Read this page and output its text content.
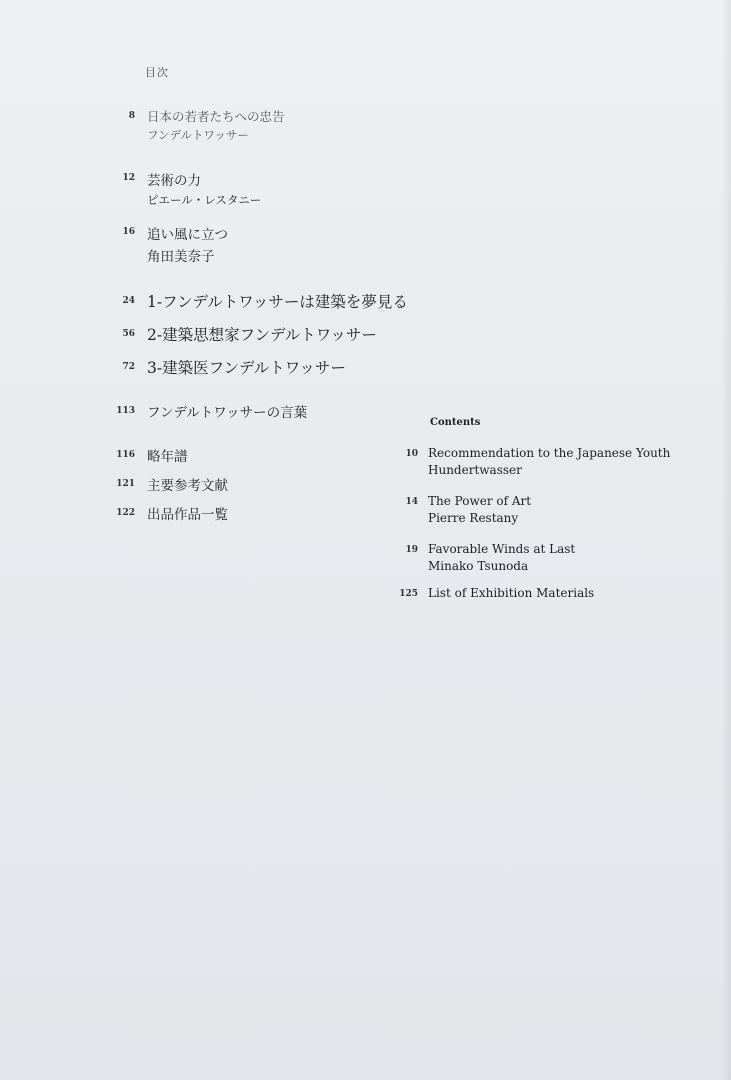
目次
8 日本の若者たちへの忠告
フンデルトワッサー
12 芸術の力
ピエール・レスタニー
16 追い風に立つ
角田美奈子
24 1-フンデルトワッサーは建築を夢見る
56 2-建築思想家フンデルトワッサー
72 3-建築医フンデルトワッサー
113 フンデルトワッサーの言葉
116 略年譜
121 主要参考文献
122 出品作品一覧
Contents
10 Recommendation to the Japanese Youth
Hundertwasser
14 The Power of Art
Pierre Restany
19 Favorable Winds at Last
Minako Tsunoda
125 List of Exhibition Materials
